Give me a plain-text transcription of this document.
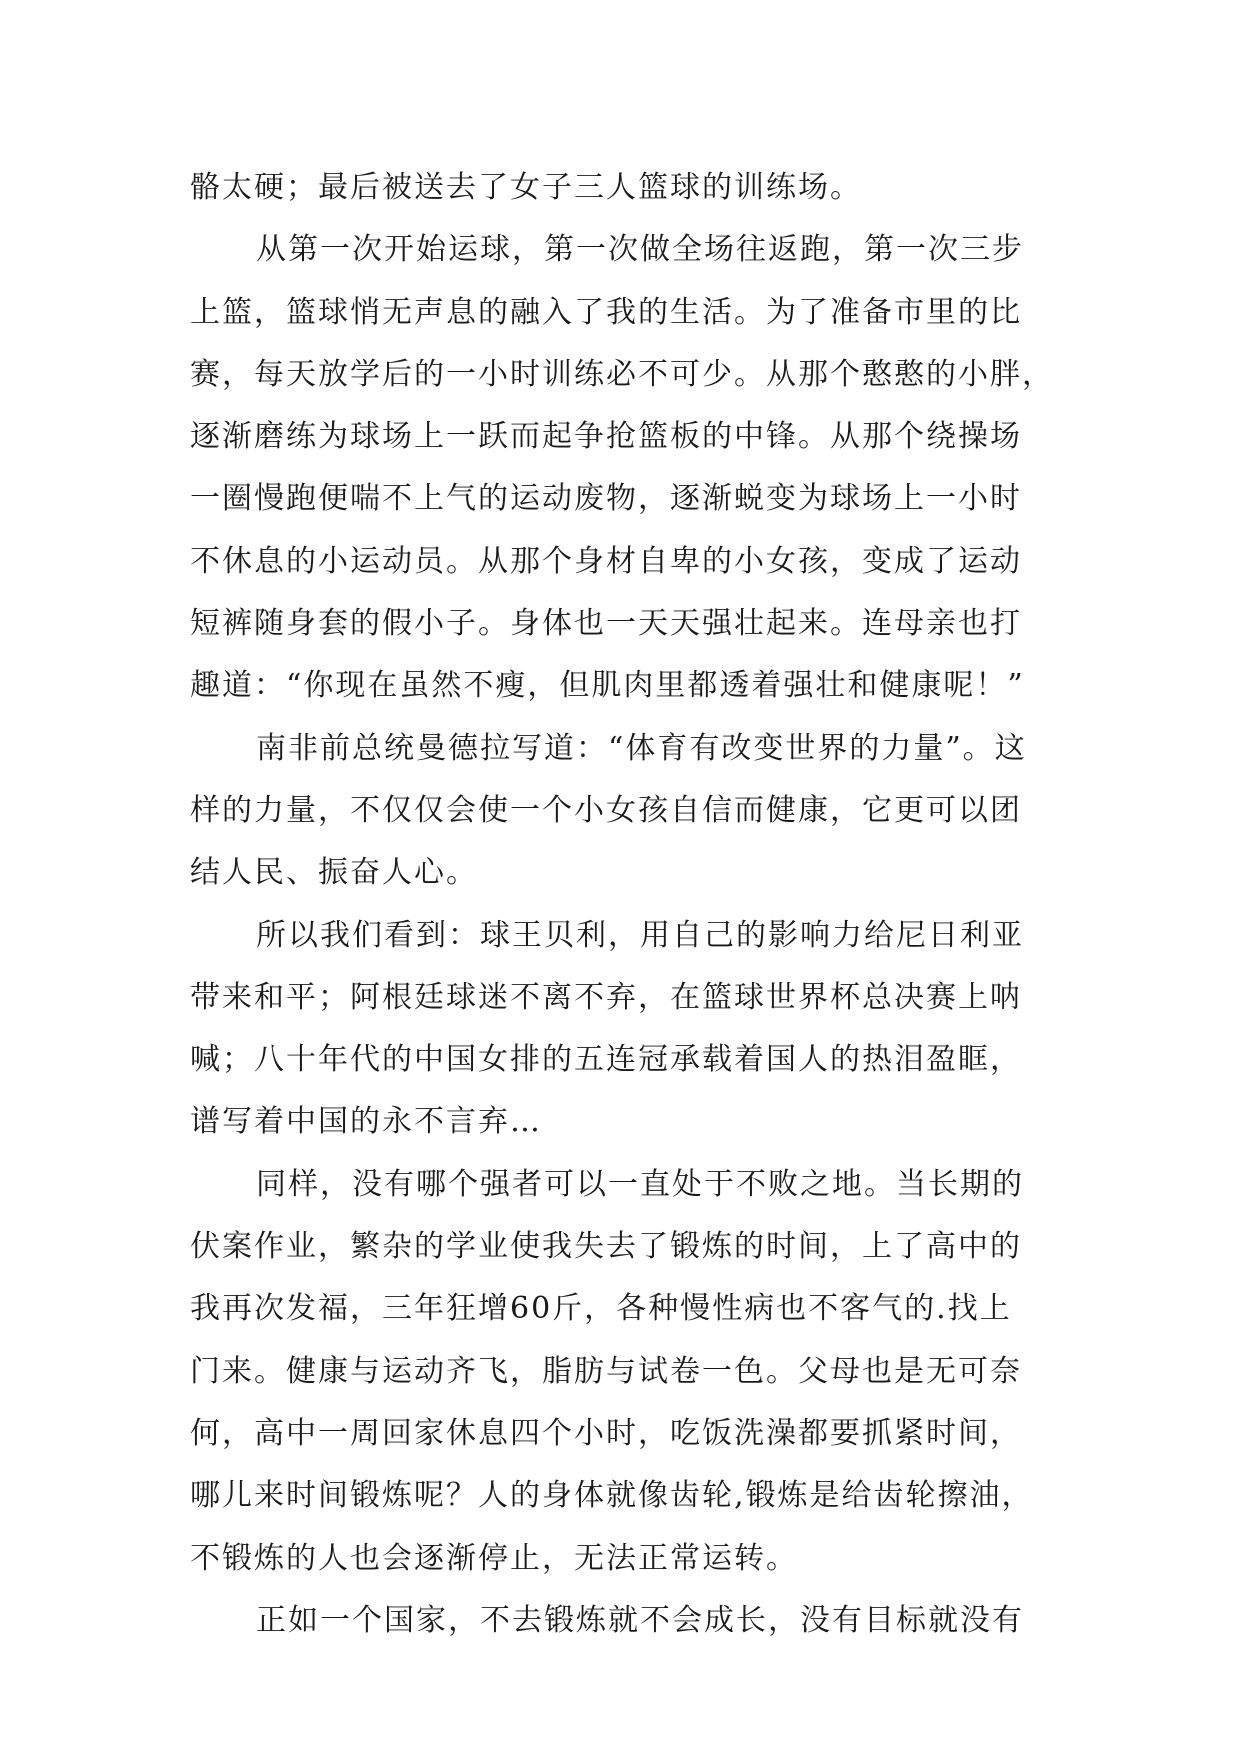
骼太硬；最后被送去了女子三人篮球的训练场。
从第一次开始运球，第一次做全场往返跑，第一次三步
上篮，篮球悄无声息的融入了我的生活。为了准备市里的比
赛，每天放学后的一小时训练必不可少。从那个憨憨的小胖，
逐渐磨练为球场上一跃而起争抢篮板的中锋。从那个绕操场
一圈慢跑便喘不上气的运动废物，逐渐蜕变为球场上一小时
不休息的小运动员。从那个身材自卑的小女孩，变成了运动
短裤随身套的假小子。身体也一天天强壮起来。连母亲也打
趣道：“你现在虽然不瘦，但肌肉里都透着强壮和健康呢！”
南非前总统曼德拉写道：“体育有改变世界的力量”。这
样的力量，不仅仅会使一个小女孩自信而健康，它更可以团
结人民、振奋人心。
所以我们看到：球王贝利，用自己的影响力给尼日利亚
带来和平；阿根廷球迷不离不弃，在篮球世界杯总决赛上呐
喊；八十年代的中国女排的五连冠承载着国人的热泪盈眶，
谱写着中国的永不言弃…
同样，没有哪个强者可以一直处于不败之地。当长期的
伏案作业，繁杂的学业使我失去了锻炼的时间，上了高中的
我再次发福，三年狂增60斤，各种慢性病也不客气的.找上
门来。健康与运动齐飞，脂肪与试卷一色。父母也是无可奈
何，高中一周回家休息四个小时，吃饭洗澡都要抓紧时间，
哪儿来时间锻炼呢？人的身体就像齿轮,锻炼是给齿轮擦油，
不锻炼的人也会逐渐停止，无法正常运转。
正如一个国家，不去锻炼就不会成长，没有目标就没有
